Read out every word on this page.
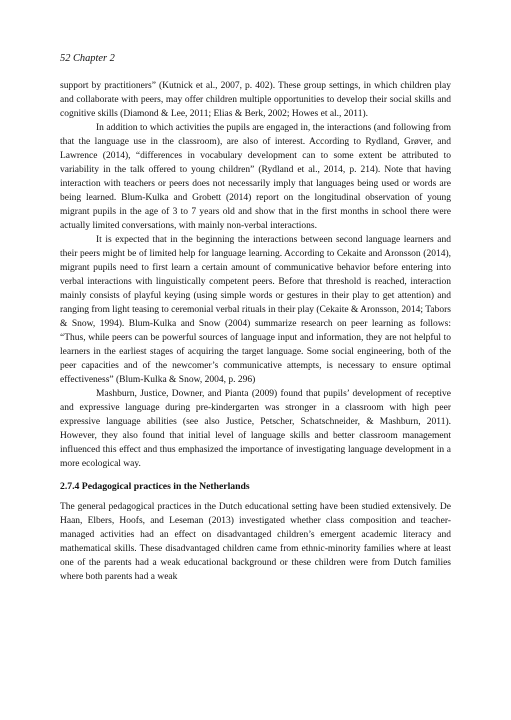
52 Chapter 2

support by practitioners” (Kutnick et al., 2007, p. 402). These group settings, in which children play and collaborate with peers, may offer children multiple opportunities to develop their social skills and cognitive skills (Diamond & Lee, 2011; Elias & Berk, 2002; Howes et al., 2011).

In addition to which activities the pupils are engaged in, the interactions (and following from that the language use in the classroom), are also of interest. According to Rydland, Grøver, and Lawrence (2014), “differences in vocabulary development can to some extent be attributed to variability in the talk offered to young children” (Rydland et al., 2014, p. 214). Note that having interaction with teachers or peers does not necessarily imply that languages being used or words are being learned. Blum-Kulka and Grobett (2014) report on the longitudinal observation of young migrant pupils in the age of 3 to 7 years old and show that in the first months in school there were actually limited conversations, with mainly non-verbal interactions.

It is expected that in the beginning the interactions between second language learners and their peers might be of limited help for language learning. According to Cekaite and Aronsson (2014), migrant pupils need to first learn a certain amount of communicative behavior before entering into verbal interactions with linguistically competent peers. Before that threshold is reached, interaction mainly consists of playful keying (using simple words or gestures in their play to get attention) and ranging from light teasing to ceremonial verbal rituals in their play (Cekaite & Aronsson, 2014; Tabors & Snow, 1994). Blum-Kulka and Snow (2004) summarize research on peer learning as follows: “Thus, while peers can be powerful sources of language input and information, they are not helpful to learners in the earliest stages of acquiring the target language. Some social engineering, both of the peer capacities and of the newcomer’s communicative attempts, is necessary to ensure optimal effectiveness” (Blum-Kulka & Snow, 2004, p. 296)

Mashburn, Justice, Downer, and Pianta (2009) found that pupils’ development of receptive and expressive language during pre-kindergarten was stronger in a classroom with high peer expressive language abilities (see also Justice, Petscher, Schatschneider, & Mashburn, 2011). However, they also found that initial level of language skills and better classroom management influenced this effect and thus emphasized the importance of investigating language development in a more ecological way.

2.7.4 Pedagogical practices in the Netherlands

The general pedagogical practices in the Dutch educational setting have been studied extensively. De Haan, Elbers, Hoofs, and Leseman (2013) investigated whether class composition and teacher-managed activities had an effect on disadvantaged children’s emergent academic literacy and mathematical skills. These disadvantaged children came from ethnic-minority families where at least one of the parents had a weak educational background or these children were from Dutch families where both parents had a weak
